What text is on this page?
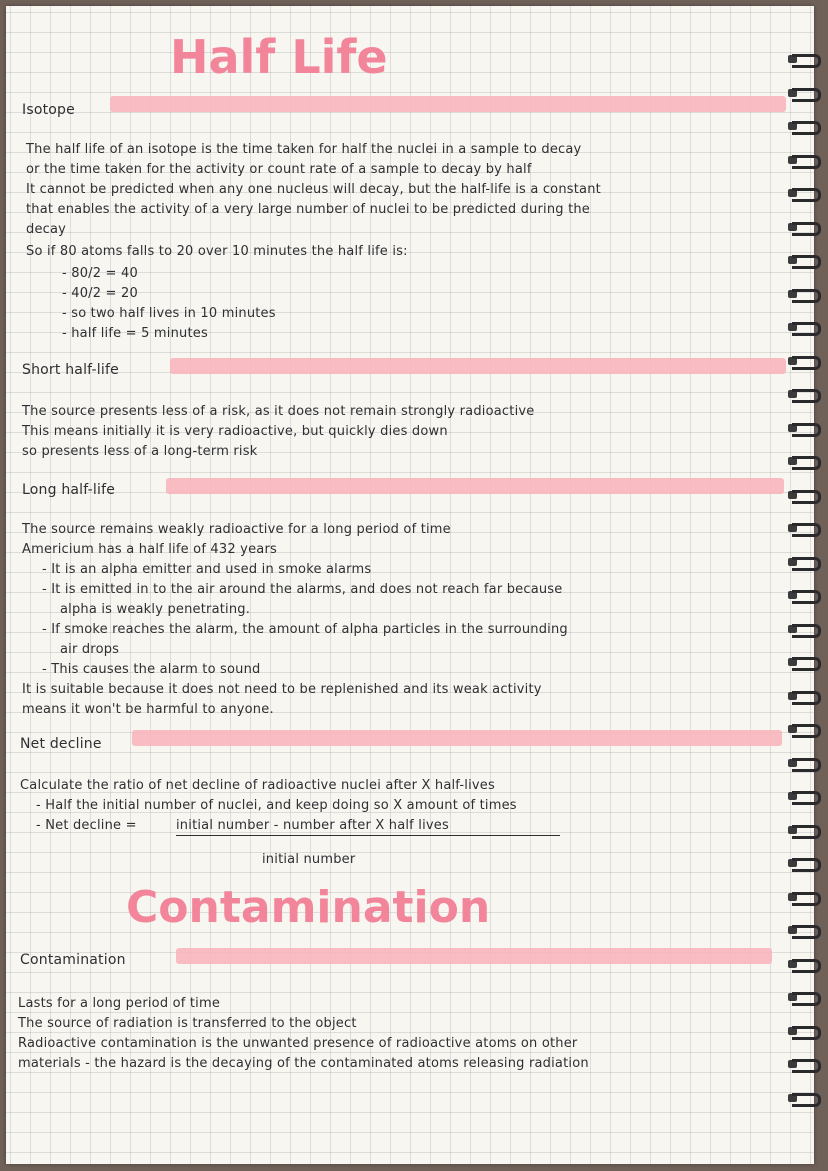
Half Life
Isotope
The half life of an isotope is the time taken for half the nuclei in a sample to decay
or the time taken for the activity or count rate of a sample to decay by half
It cannot be predicted when any one nucleus will decay, but the half-life is a constant
that enables the activity of a very large number of nuclei to be predicted during the
decay
So if 80 atoms falls to 20 over 10 minutes the half life is:
- 80/2 = 40
- 40/2 = 20
- so two half lives in 10 minutes
- half life = 5 minutes
Short half-life
The source presents less of a risk, as it does not remain strongly radioactive
This means initially it is very radioactive, but quickly dies down
so presents less of a long-term risk
Long half-life
The source remains weakly radioactive for a long period of time
Americium has a half life of 432 years
- It is an alpha emitter and used in smoke alarms
- It is emitted in to the air around the alarms, and does not reach far because
alpha is weakly penetrating.
- If smoke reaches the alarm, the amount of alpha particles in the surrounding
air drops
- This causes the alarm to sound
It is suitable because it does not need to be replenished and its weak activity
means it won't be harmful to anyone.
Net decline
Calculate the ratio of net decline of radioactive nuclei after X half-lives
- Half the initial number of nuclei, and keep doing so X amount of times
- Net decline =	initial number - number after X half lives
initial number
Contamination
Contamination
Lasts for a long period of time
The source of radiation is transferred to the object
Radioactive contamination is the unwanted presence of radioactive atoms on other
materials - the hazard is the decaying of the contaminated atoms releasing radiation
